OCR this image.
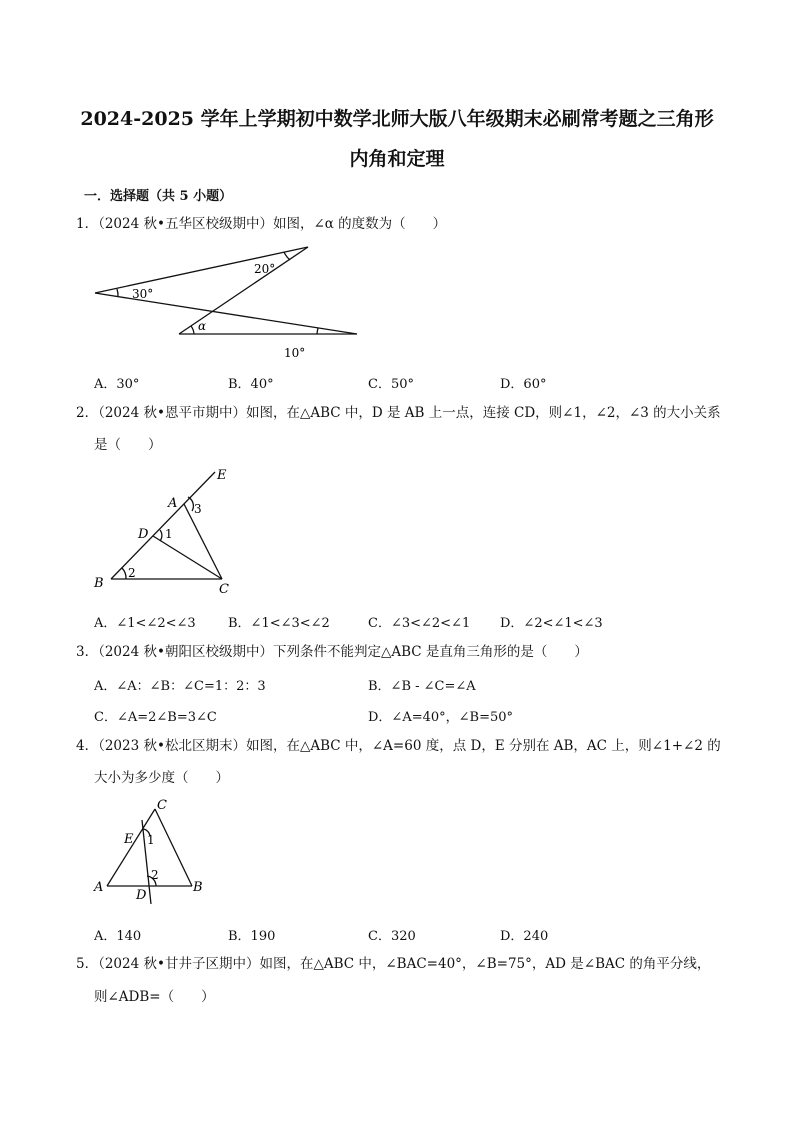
2024-2025 学年上学期初中数学北师大版八年级期末必刷常考题之三角形
内角和定理
一．选择题（共 5 小题）
1．（2024 秋•五华区校级期中）如图，∠α 的度数为（　　）
30°
20°
10°
α
A．30°	B．40°	C．50°	D．60°
2．（2024 秋•恩平市期中）如图，在△ABC 中，D 是 AB 上一点，连接 CD，则∠1，∠2，∠3 的大小关系
是（　　）
E
A
D
B	C
3
1
2
A．∠1<∠2<∠3 B．∠1<∠3<∠2	C．∠3<∠2<∠1 D．∠2<∠1<∠3
3．（2024 秋•朝阳区校级期中）下列条件不能判定△ABC 是直角三角形的是（　　）
A．∠A：∠B：∠C=1：2：3	B．∠B - ∠C=∠A
C．∠A=2∠B=3∠C	D．∠A=40°，∠B=50°
4．（2023 秋•松北区期末）如图，在△ABC 中，∠A=60 度，点 D，E 分别在 AB，AC 上，则∠1+∠2 的
大小为多少度（　　）
C
E
A
D
B
1
2
A．140	B．190	C．320	D．240
5．（2024 秋•甘井子区期中）如图，在△ABC 中，∠BAC=40°，∠B=75°，AD 是∠BAC 的角平分线，
则∠ADB=（　　）
